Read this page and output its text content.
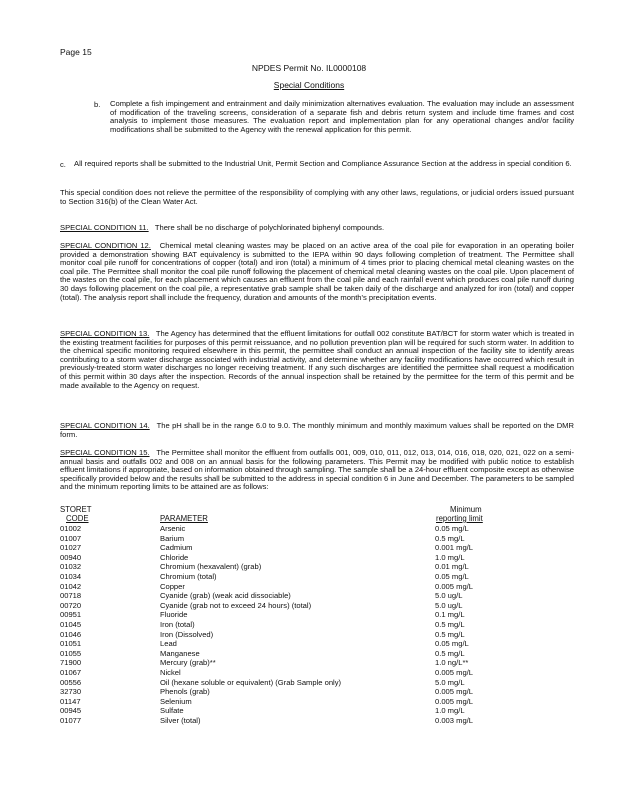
Page 15
NPDES Permit No. IL0000108
Special Conditions
b. Complete a fish impingement and entrainment and daily minimization alternatives evaluation. The evaluation may include an assessment of modification of the traveling screens, consideration of a separate fish and debris return system and include time frames and cost analysis to implement those measures. The evaluation report and implementation plan for any operational changes and/or facility modifications shall be submitted to the Agency with the renewal application for this permit.
c. All required reports shall be submitted to the Industrial Unit, Permit Section and Compliance Assurance Section at the address in special condition 6.
This special condition does not relieve the permittee of the responsibility of complying with any other laws, regulations, or judicial orders issued pursuant to Section 316(b) of the Clean Water Act.
SPECIAL CONDITION 11. There shall be no discharge of polychlorinated biphenyl compounds.
SPECIAL CONDITION 12. Chemical metal cleaning wastes may be placed on an active area of the coal pile for evaporation in an operating boiler provided a demonstration showing BAT equivalency is submitted to the IEPA within 90 days following completion of treatment. The Permittee shall monitor coal pile runoff for concentrations of copper (total) and iron (total) a minimum of 4 times prior to placing chemical metal cleaning wastes on the coal pile. The Permittee shall monitor the coal pile runoff following the placement of chemical metal cleaning wastes on the coal pile. Upon placement of the wastes on the coal pile, for each placement which causes an effluent from the coal pile and each rainfall event which produces coal pile runoff during 30 days following placement on the coal pile, a representative grab sample shall be taken daily of the discharge and analyzed for iron (total) and copper (total). The analysis report shall include the frequency, duration and amounts of the month's precipitation events.
SPECIAL CONDITION 13. The Agency has determined that the effluent limitations for outfall 002 constitute BAT/BCT for storm water which is treated in the existing treatment facilities for purposes of this permit reissuance, and no pollution prevention plan will be required for such storm water. In addition to the chemical specific monitoring required elsewhere in this permit, the permittee shall conduct an annual inspection of the facility site to identify areas contributing to a storm water discharge associated with industrial activity, and determine whether any facility modifications have occurred which result in previously-treated storm water discharges no longer receiving treatment. If any such discharges are identified the permittee shall request a modification of this permit within 30 days after the inspection. Records of the annual inspection shall be retained by the permittee for the term of this permit and be made available to the Agency on request.
SPECIAL CONDITION 14. The pH shall be in the range 6.0 to 9.0. The monthly minimum and monthly maximum values shall be reported on the DMR form.
SPECIAL CONDITION 15. The Permittee shall monitor the effluent from outfalls 001, 009, 010, 011, 012, 013, 014, 016, 018, 020, 021, 022 on a semi-annual basis and outfalls 002 and 008 on an annual basis for the following parameters. This Permit may be modified with public notice to establish effluent limitations if appropriate, based on information obtained through sampling. The sample shall be a 24-hour effluent composite except as otherwise specifically provided below and the results shall be submitted to the address in special condition 6 in June and December. The parameters to be sampled and the minimum reporting limits to be attained are as follows:
STORET
CODE	PARAMETER
Minimum
reporting limit
01002	Arsenic	0.05 mg/L
01007	Barium	0.5 mg/L
01027	Cadmium	0.001 mg/L
00940	Chloride	1.0 mg/L
01032	Chromium (hexavalent) (grab)	0.01 mg/L
01034	Chromium (total)	0.05 mg/L
01042	Copper	0.005 mg/L
00718	Cyanide (grab) (weak acid dissociable)	5.0 ug/L
00720	Cyanide (grab not to exceed 24 hours) (total)	5.0 ug/L
00951	Fluoride	0.1 mg/L
01045	Iron (total)	0.5 mg/L
01046	Iron (Dissolved)	0.5 mg/L
01051	Lead	0.05 mg/L
01055	Manganese	0.5 mg/L
71900	Mercury (grab)**	1.0 ng/L**
01067	Nickel	0.005 mg/L
00556	Oil (hexane soluble or equivalent) (Grab Sample only)	5.0 mg/L
32730	Phenols (grab)	0.005 mg/L
01147	Selenium	0.005 mg/L
00945	Sulfate	1.0 mg/L
01077	Silver (total)	0.003 mg/L
